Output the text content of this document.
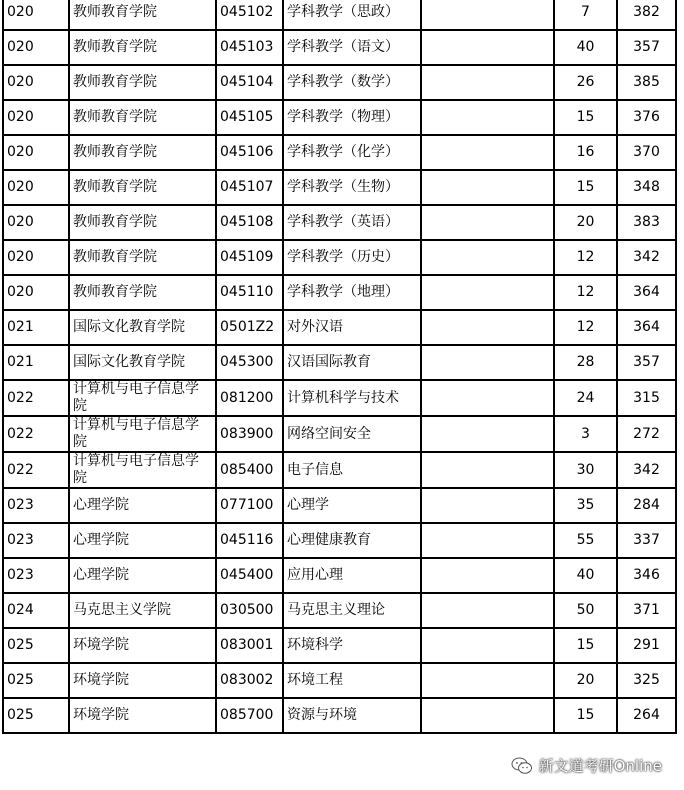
020	教师教育学院	045102	学科教学（思政）		7	382
020	教师教育学院	045103	学科教学（语文）		40	357
020	教师教育学院	045104	学科教学（数学）		26	385
020	教师教育学院	045105	学科教学（物理）		15	376
020	教师教育学院	045106	学科教学（化学）		16	370
020	教师教育学院	045107	学科教学（生物）		15	348
020	教师教育学院	045108	学科教学（英语）		20	383
020	教师教育学院	045109	学科教学（历史）		12	342
020	教师教育学院	045110	学科教学（地理）		12	364
021	国际文化教育学院	0501Z2	对外汉语		12	364
021	国际文化教育学院	045300	汉语国际教育		28	357
022	计算机与电子信息学院	081200	计算机科学与技术		24	315
022	计算机与电子信息学院	083900	网络空间安全		3	272
022	计算机与电子信息学院	085400	电子信息		30	342
023	心理学院	077100	心理学		35	284
023	心理学院	045116	心理健康教育		55	337
023	心理学院	045400	应用心理		40	346
024	马克思主义学院	030500	马克思主义理论		50	371
025	环境学院	083001	环境科学		15	291
025	环境学院	083002	环境工程		20	325
025	环境学院	085700	资源与环境		15	264
新文道考研Online
